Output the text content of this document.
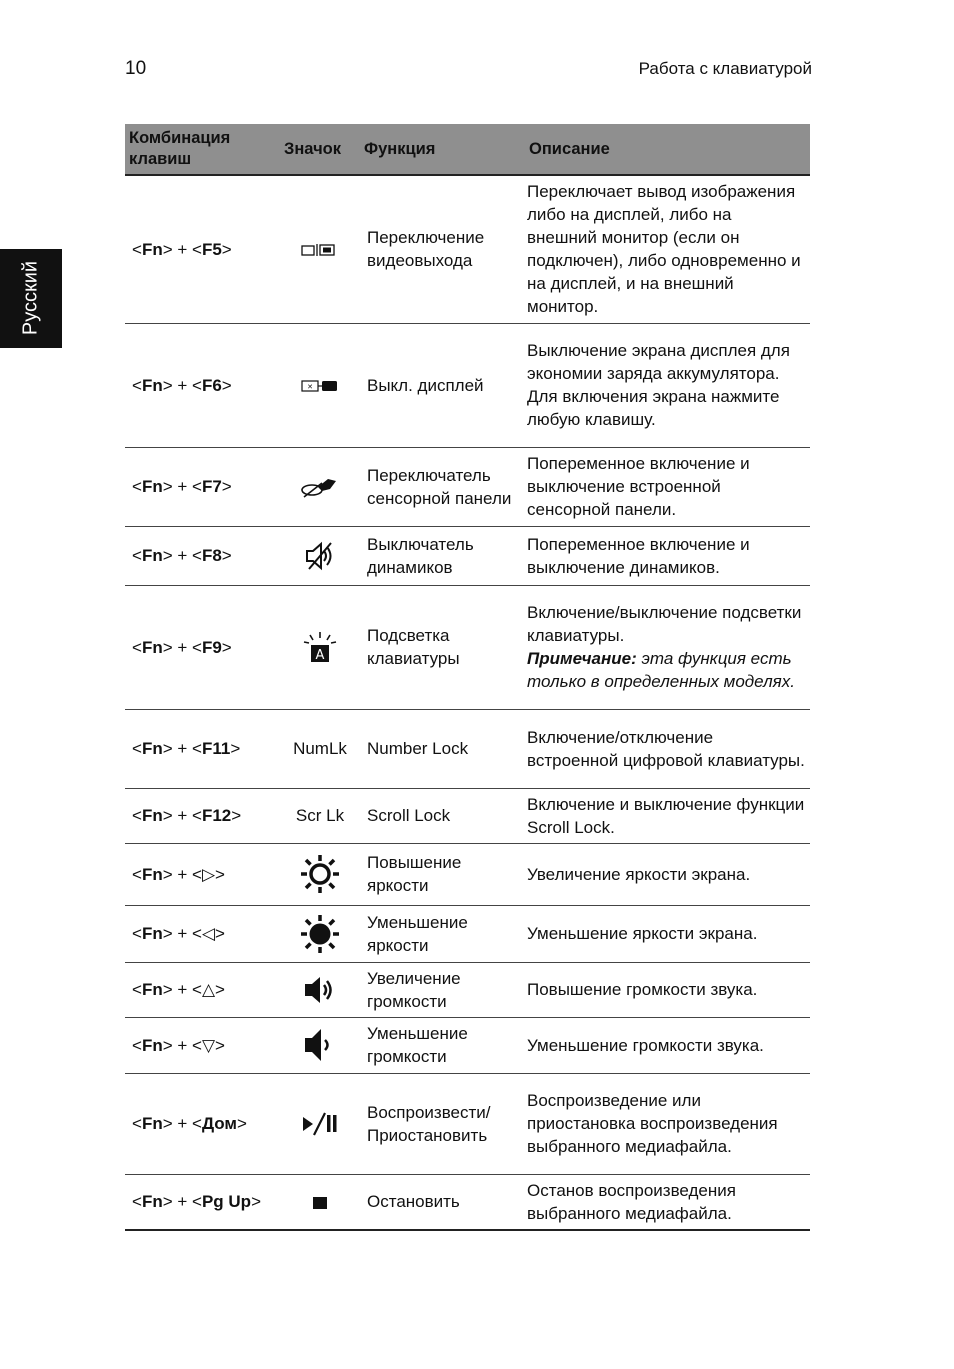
10	Работа с клавиатурой
Русский
Комбинация клавиш	Значок	Функция	Описание
<Fn> + <F5>		Переключение видеовыхода	Переключает вывод изображения либо на дисплей, либо на внешний монитор (если он подключен), либо одновременно и на дисплей, и на внешний монитор.
<Fn> + <F6>	✕	Выкл. дисплей	Выключение экрана дисплея для экономии заряда аккумулятора. Для включения экрана нажмите любую клавишу.
<Fn> + <F7>		Переключатель сенсорной панели	Попеременное включение и выключение встроенной сенсорной панели.
<Fn> + <F8>		Выключатель динамиков	Попеременное включение и выключение динамиков.
<Fn> + <F9>	A	Подсветка клавиатуры	Включение/выключение подсветки клавиатуры.
Примечание: эта функция есть только в определенных моделях.
<Fn> + <F11>	NumLk	Number Lock	Включение/отключение встроенной цифровой клавиатуры.
<Fn> + <F12>	Scr Lk	Scroll Lock	Включение и выключение функции Scroll Lock.
<Fn> + <▷>		Повышение яркости	Увеличение яркости экрана.
<Fn> + <◁>		Уменьшение яркости	Уменьшение яркости экрана.
<Fn> + <△>		Увеличение громкости	Повышение громкости звука.
<Fn> + <▽>		Уменьшение громкости	Уменьшение громкости звука.
<Fn> + <Дом>		Воспроизвести/ Приостановить	Воспроизведение или приостановка воспроизведения выбранного медиафайла.
<Fn> + <Pg Up>		Остановить	Останов воспроизведения выбранного медиафайла.
